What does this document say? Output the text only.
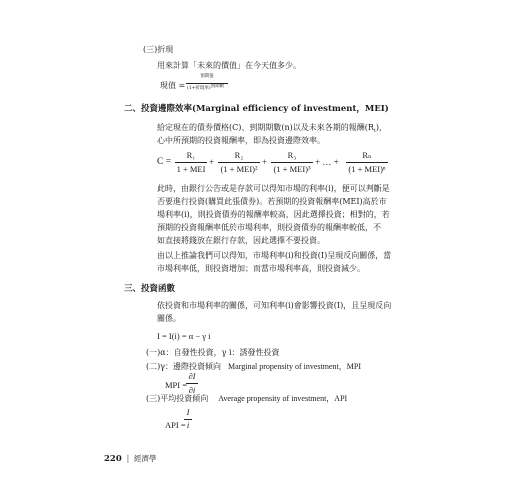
(三)折現
用來計算「未來的價值」在今天值多少。
現值 =
預期值
(1+折現率)預期數
二、投資邊際效率(Marginal efficiency of investment，MEI)
給定現在的債券價格(C)、到期期數(n)以及未來各期的報酬$(R_t)$，
心中所預期的投資報酬率，即為投資邊際效率。
C =
R₁
1 + MEI
+
R₂
(1 + MEI)²
+
R₃
(1 + MEI)³
+ … +
Rₙ
(1 + MEI)ⁿ
此時，由銀行公告或是存款可以得知市場的利率(i)，便可以判斷是
否要進行投資(購買此張債券)。若預期的投資報酬率(MEI)高於市
場利率(i)，則投資債券的報酬率較高，因此選擇投資；相對的，若
預期的投資報酬率低於市場利率，則投資債券的報酬率較低，不
如直接將錢放在銀行存款，因此選擇不要投資。
由以上推論我們可以得知，市場利率(i)和投資(I)呈現反向關係，當
市場利率低，則投資增加；而當市場利率高，則投資減少。
三、投資函數
依投資和市場利率的關係，可知利率(i)會影響投資(I)，且呈現反向
關係。
I = I(i) = α − γ i
(一)α：自發性投資，γ i：誘發性投資
(二)γ：邊際投資傾向 Marginal propensity of investment，MPI
MPI =
∂I
∂i
(三)平均投資傾向 Average propensity of investment，API
API =
I
i
220 | 經濟學
